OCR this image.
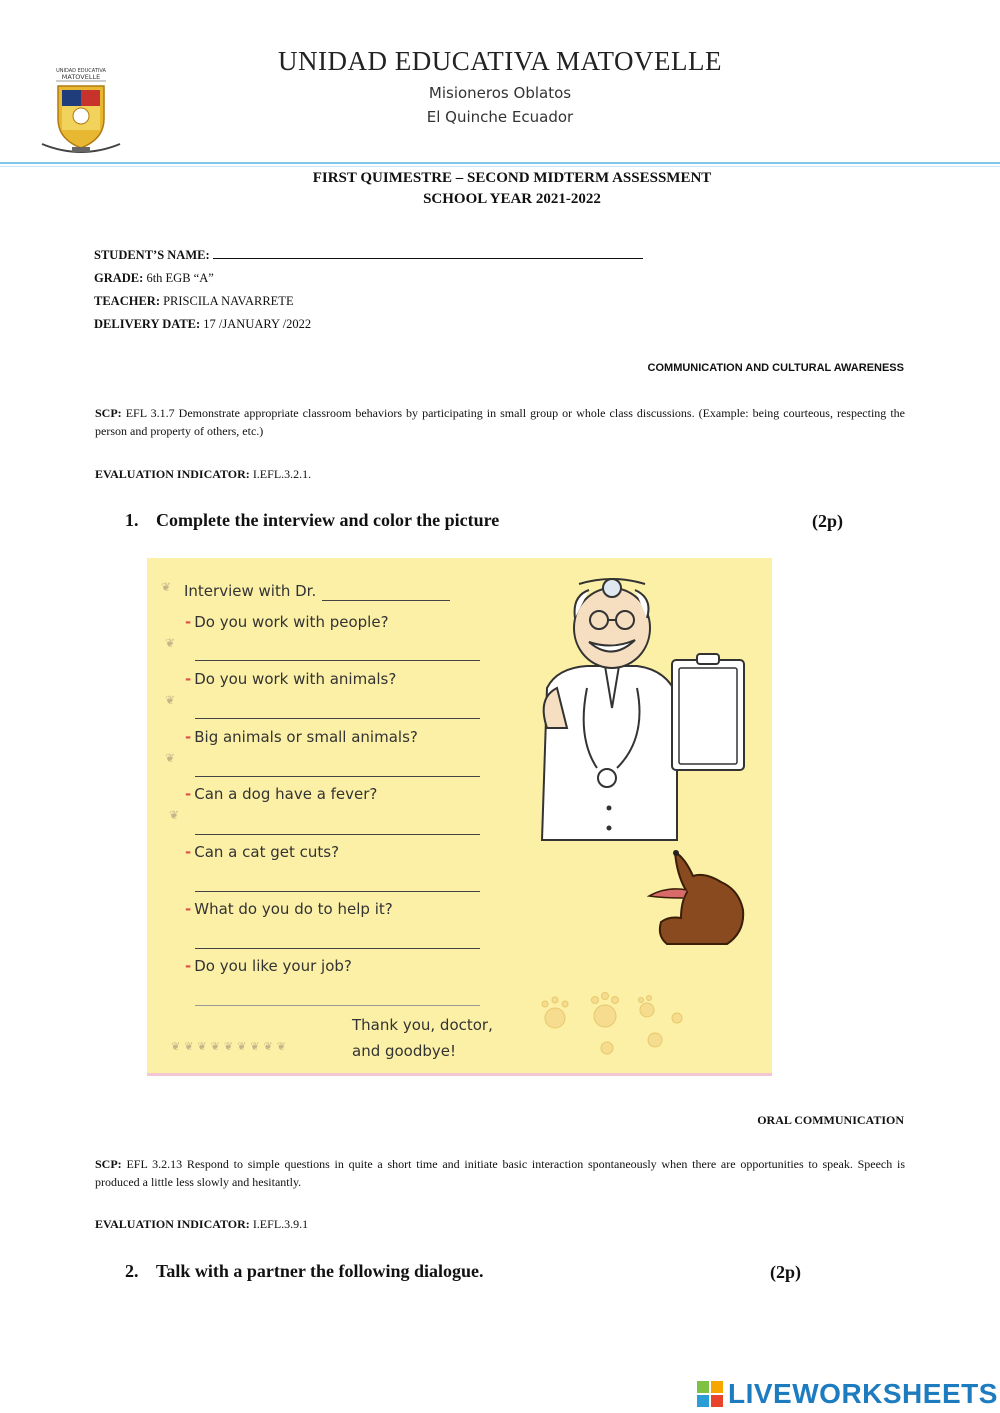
UNIDAD EDUCATIVA
MATOVELLE
UNIDAD EDUCATIVA MATOVELLE
Misioneros Oblatos
El Quinche Ecuador
FIRST QUIMESTRE – SECOND MIDTERM ASSESSMENT
SCHOOL YEAR 2021-2022
STUDENT’S NAME:
GRADE: 6th EGB “A”
TEACHER: PRISCILA NAVARRETE
DELIVERY DATE: 17 /JANUARY /2022
COMMUNICATION AND CULTURAL AWARENESS
SCP: EFL 3.1.7 Demonstrate appropriate classroom behaviors by participating in small group or whole class discussions. (Example: being courteous, respecting the person and property of others, etc.)
EVALUATION INDICATOR: I.EFL.3.2.1.
1. Complete the interview and color the picture	(2p)
❦ Interview with Dr.
- Do you work with people?
❦
- Do you work with animals?
❦
- Big animals or small animals?
❦
- Can a dog have a fever?
❦
- Can a cat get cuts?
- What do you do to help it?
- Do you like your job?
Thank you, doctor,
and goodbye!
❦❦❦❦❦❦❦❦❦
ORAL COMMUNICATION
SCP: EFL 3.2.13 Respond to simple questions in quite a short time and initiate basic interaction spontaneously when there are opportunities to speak. Speech is produced a little less slowly and hesitantly.
EVALUATION INDICATOR: I.EFL.3.9.1
2. Talk with a partner the following dialogue.	(2p)
LIVEWORKSHEETS
